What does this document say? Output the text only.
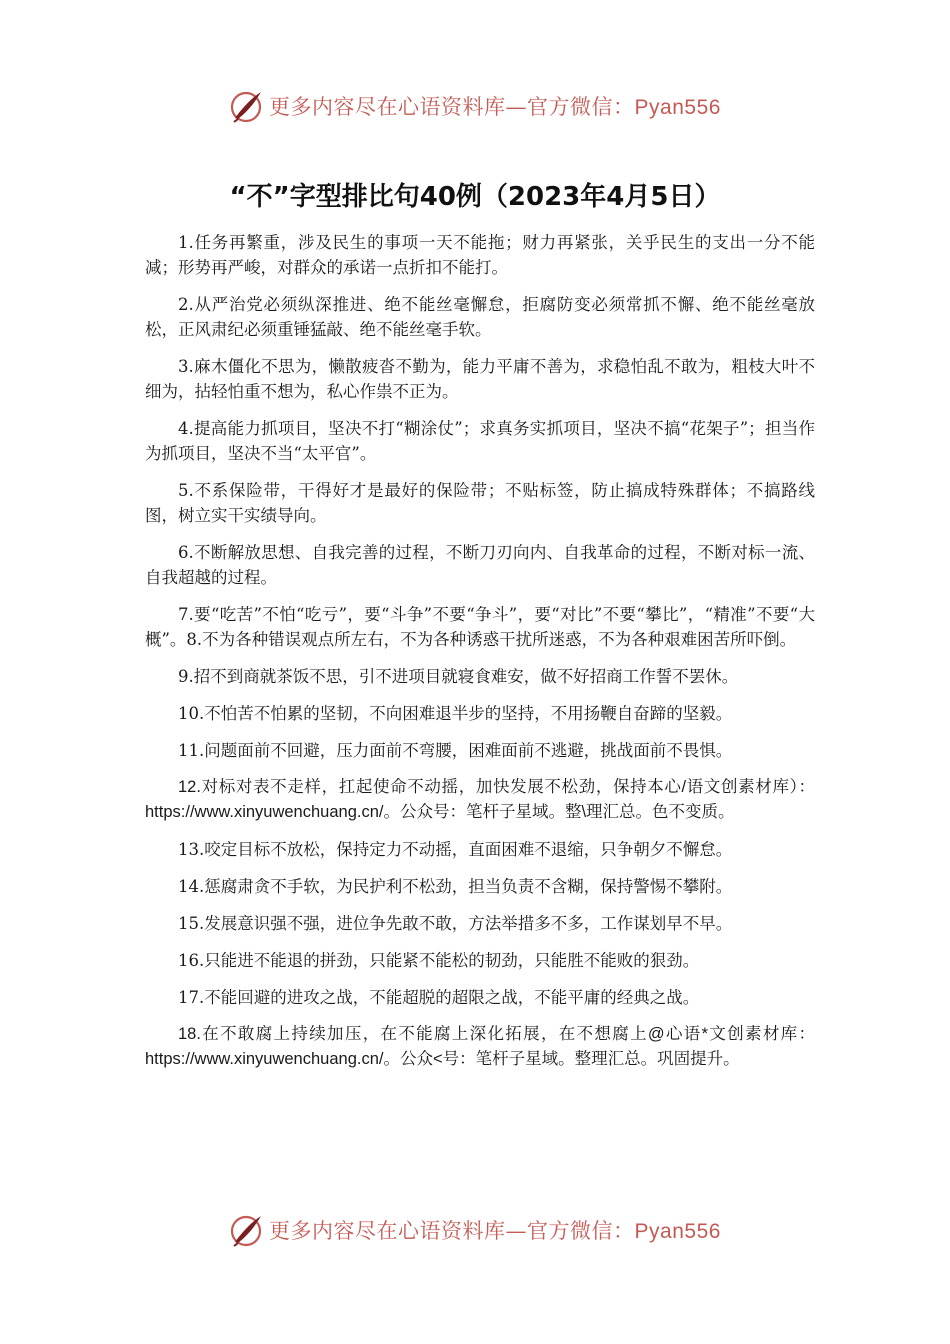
更多内容尽在心语资料库—官方微信：Pyan556
“不”字型排比句40例（2023年4月5日）

1.任务再繁重，涉及民生的事项一天不能拖；财力再紧张，关乎民生的支出一分不能减；形势再严峻，对群众的承诺一点折扣不能打。

2.从严治党必须纵深推进、绝不能丝毫懈怠，拒腐防变必须常抓不懈、绝不能丝毫放松，正风肃纪必须重锤猛敲、绝不能丝毫手软。

3.麻木僵化不思为，懒散疲沓不勤为，能力平庸不善为，求稳怕乱不敢为，粗枝大叶不细为，拈轻怕重不想为，私心作祟不正为。

4.提高能力抓项目，坚决不打“糊涂仗”；求真务实抓项目，坚决不搞“花架子”；担当作为抓项目，坚决不当“太平官”。

5.不系保险带，干得好才是最好的保险带；不贴标签，防止搞成特殊群体；不搞路线图，树立实干实绩导向。

6.不断解放思想、自我完善的过程，不断刀刃向内、自我革命的过程，不断对标一流、自我超越的过程。

7.要“吃苦”不怕“吃亏”，要“斗争”不要“争斗”，要“对比”不要“攀比”，“精准”不要“大概”。8.不为各种错误观点所左右，不为各种诱惑干扰所迷惑，不为各种艰难困苦所吓倒。

9.招不到商就茶饭不思，引不进项目就寝食难安，做不好招商工作誓不罢休。

10.不怕苦不怕累的坚韧，不向困难退半步的坚持，不用扬鞭自奋蹄的坚毅。

11.问题面前不回避，压力面前不弯腰，困难面前不逃避，挑战面前不畏惧。

12.对标对表不走样，扛起使命不动摇，加快发展不松劲，保持本心/语文创素材库）：https://www.xinyuwenchuang.cn/。公众号：笔杆子星域。整\理汇总。色不变质。

13.咬定目标不放松，保持定力不动摇，直面困难不退缩，只争朝夕不懈怠。

14.惩腐肃贪不手软，为民护利不松劲，担当负责不含糊，保持警惕不攀附。

15.发展意识强不强，进位争先敢不敢，方法举措多不多，工作谋划早不早。

16.只能进不能退的拼劲，只能紧不能松的韧劲，只能胜不能败的狠劲。

17.不能回避的进攻之战，不能超脱的超限之战，不能平庸的经典之战。

18.在不敢腐上持续加压，在不能腐上深化拓展，在不想腐上@心语*文创素材库：https://www.xinyuwenchuang.cn/。公众<号：笔杆子星域。整理汇总。巩固提升。

更多内容尽在心语资料库—官方微信：Pyan556
